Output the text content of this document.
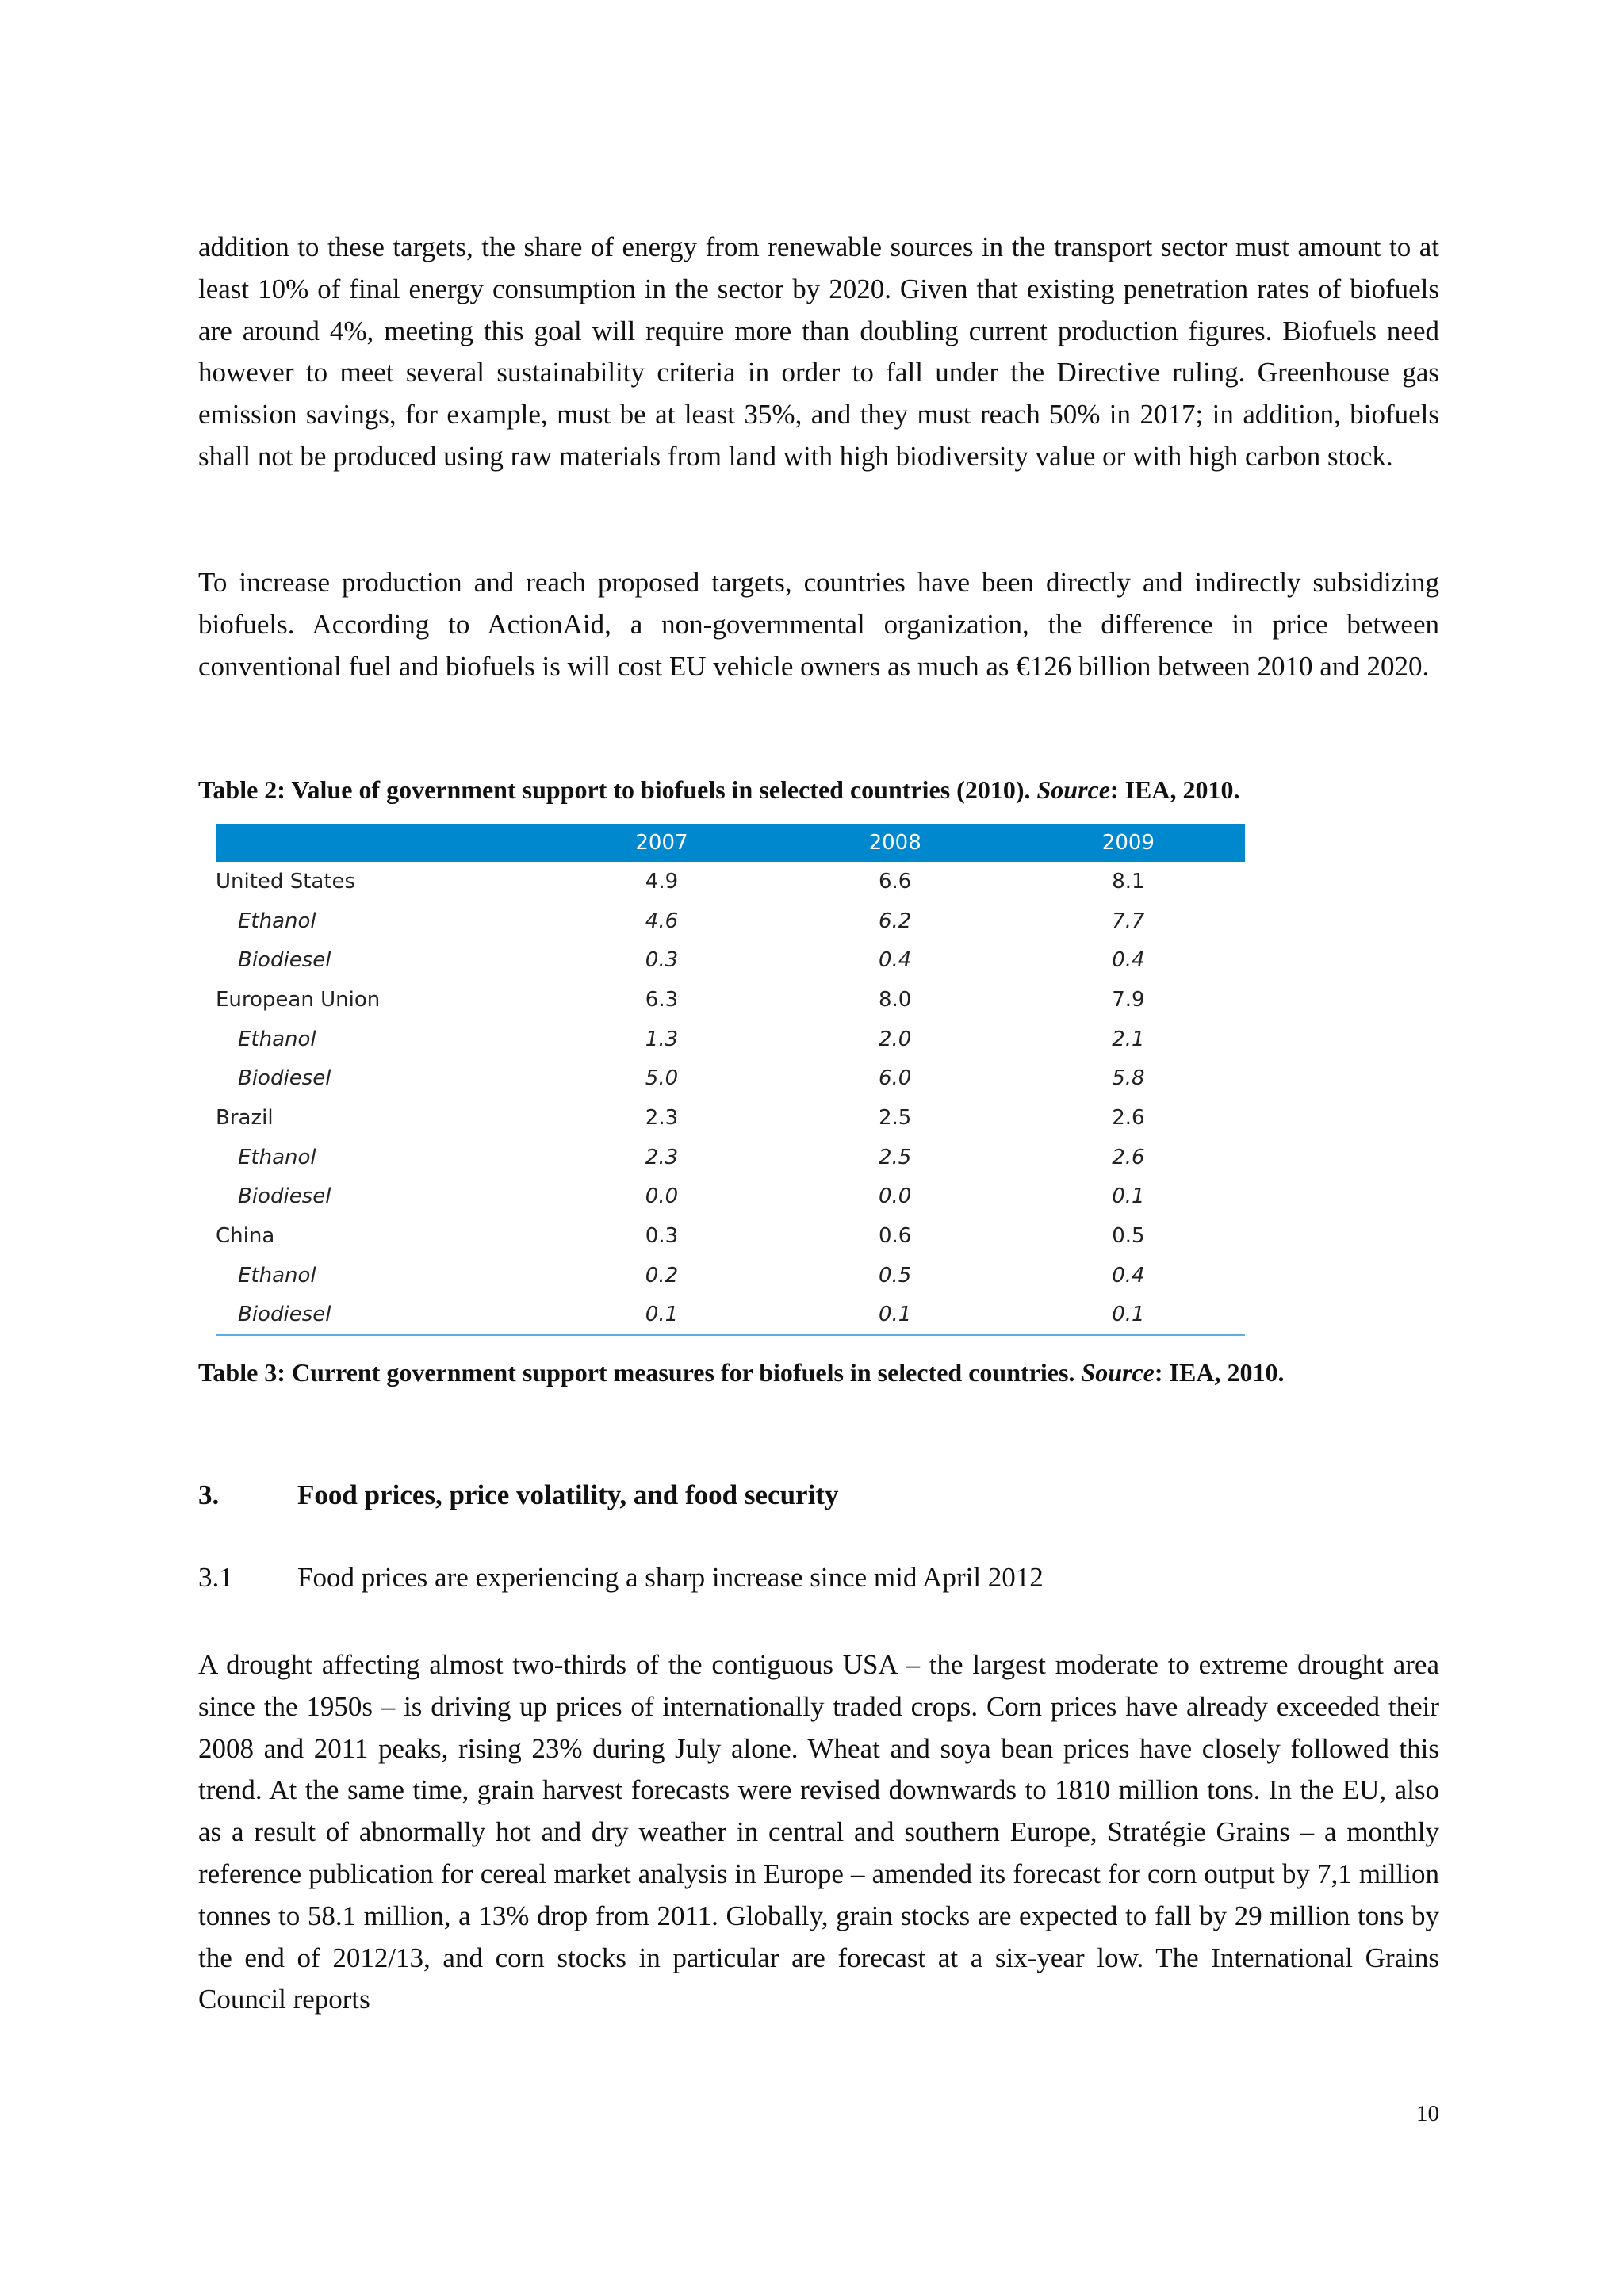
addition to these targets, the share of energy from renewable sources in the transport sector must amount to at least 10% of final energy consumption in the sector by 2020. Given that existing penetration rates of biofuels are around 4%, meeting this goal will require more than doubling current production figures. Biofuels need however to meet several sustainability criteria in order to fall under the Directive ruling. Greenhouse gas emission savings, for example, must be at least 35%, and they must reach 50% in 2017; in addition, biofuels shall not be produced using raw materials from land with high biodiversity value or with high carbon stock.
To increase production and reach proposed targets, countries have been directly and indirectly subsidizing biofuels. According to ActionAid, a non-governmental organization, the difference in price between conventional fuel and biofuels is will cost EU vehicle owners as much as €126 billion between 2010 and 2020.
Table 2: Value of government support to biofuels in selected countries (2010). Source: IEA, 2010.
	2007	2008	2009
United States	4.9	6.6	8.1
Ethanol	4.6	6.2	7.7
Biodiesel	0.3	0.4	0.4
European Union	6.3	8.0	7.9
Ethanol	1.3	2.0	2.1
Biodiesel	5.0	6.0	5.8
Brazil	2.3	2.5	2.6
Ethanol	2.3	2.5	2.6
Biodiesel	0.0	0.0	0.1
China	0.3	0.6	0.5
Ethanol	0.2	0.5	0.4
Biodiesel	0.1	0.1	0.1
Table 3: Current government support measures for biofuels in selected countries. Source: IEA, 2010.
3.	Food prices, price volatility, and food security
3.1 Food prices are experiencing a sharp increase since mid April 2012
A drought affecting almost two-thirds of the contiguous USA – the largest moderate to extreme drought area since the 1950s – is driving up prices of internationally traded crops. Corn prices have already exceeded their 2008 and 2011 peaks, rising 23% during July alone. Wheat and soya bean prices have closely followed this trend. At the same time, grain harvest forecasts were revised downwards to 1810 million tons. In the EU, also as a result of abnormally hot and dry weather in central and southern Europe, Stratégie Grains – a monthly reference publication for cereal market analysis in Europe – amended its forecast for corn output by 7,1 million tonnes to 58.1 million, a 13% drop from 2011. Globally, grain stocks are expected to fall by 29 million tons by the end of 2012/13, and corn stocks in particular are forecast at a six-year low. The International Grains Council reports
10
